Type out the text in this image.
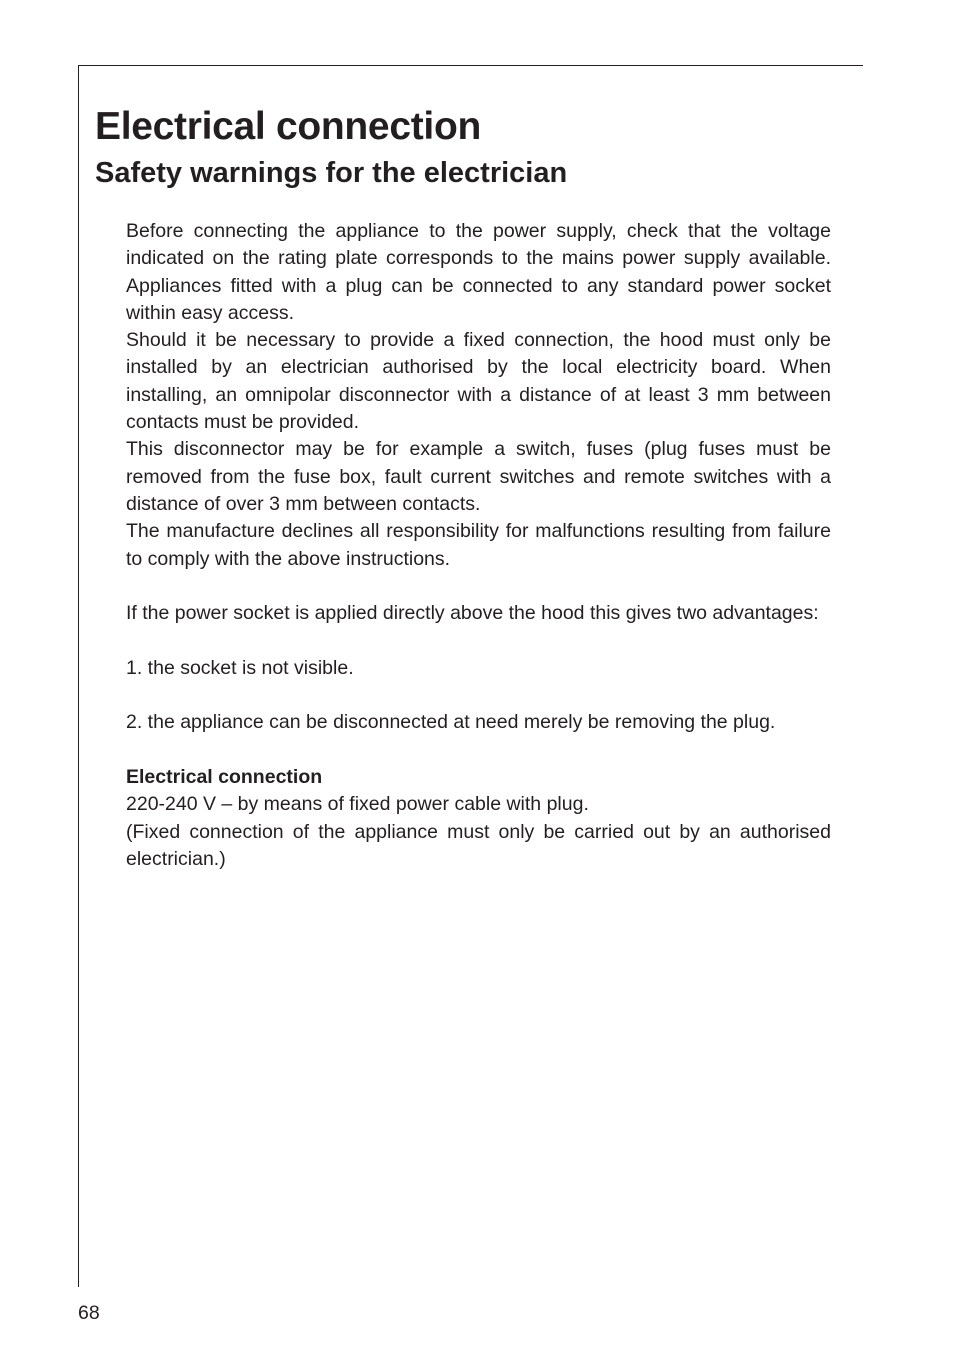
Electrical connection
Safety warnings for the electrician

Before connecting the appliance to the power supply, check that the voltage indicated on the rating plate corresponds to the mains power supply available. Appliances fitted with a plug can be connected to any standard power socket within easy access.

Should it be necessary to provide a fixed connection, the hood must only be installed by an electrician authorised by the local electricity board. When installing, an omnipolar disconnector with a distance of at least 3 mm between contacts must be provided.

This disconnector may be for example a switch, fuses (plug fuses must be removed from the fuse box, fault current switches and remote switches with a distance of over 3 mm between contacts.

The manufacture declines all responsibility for malfunctions resulting from failure to comply with the above instructions.

If the power socket is applied directly above the hood this gives two advantages:

1. the socket is not visible.

2. the appliance can be disconnected at need merely be removing the plug.

Electrical connection

220-240 V – by means of fixed power cable with plug.

(Fixed connection of the appliance must only be carried out by an authorised electrician.)

68
